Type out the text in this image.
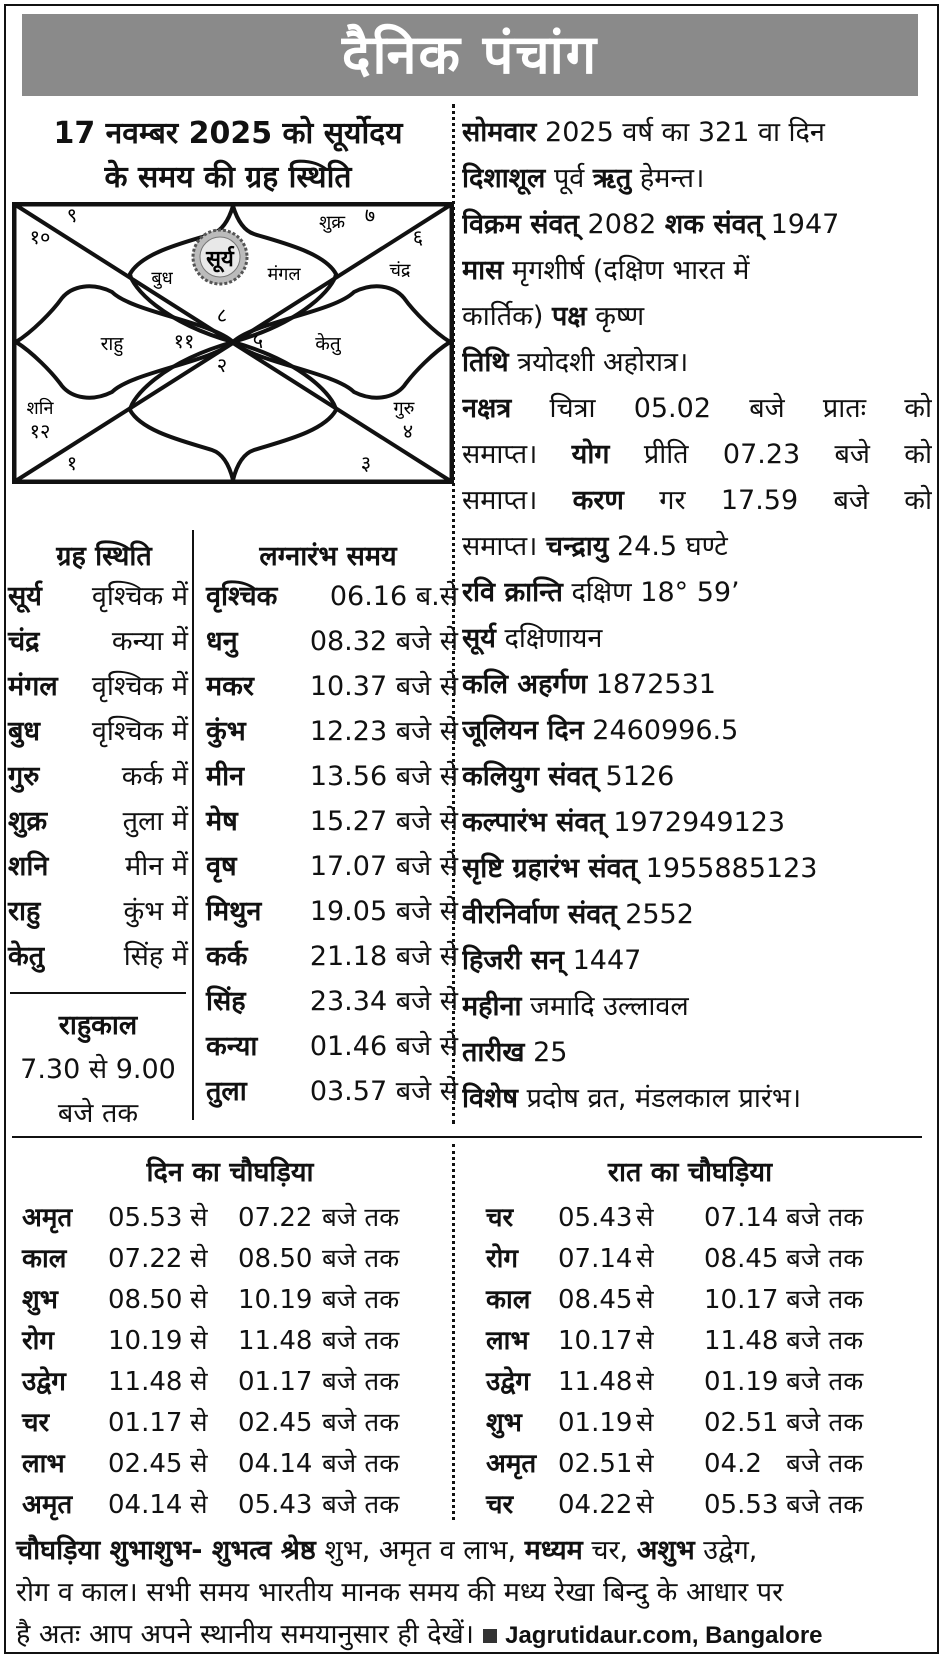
दैनिक पंचांग
17 नवम्बर 2025 को सूर्योदय
के समय की ग्रह स्थिति
सूर्य
बुध	मंगल
शुक्र
चंद्र
राहु	केतु
शनि	गुरु
८
९
१०
११
१२
१
२
३
४
५
६
७
सोमवार 2025 वर्ष का 321 वा दिन
दिशाशूल पूर्व ऋतु हेमन्त।
विक्रम संवत् 2082 शक संवत् 1947
मास मृगशीर्ष (दक्षिण भारत में
कार्तिक) पक्ष कृष्ण
तिथि त्रयोदशी अहोरात्र।
नक्षत्र चित्रा 05.02 बजे प्रातः को
समाप्त। योग प्रीति 07.23 बजे को
समाप्त। करण गर 17.59 बजे को
समाप्त। चन्द्रायु 24.5 घण्टे
रवि क्रान्ति दक्षिण 18° 59’
सूर्य दक्षिणायन
कलि अहर्गण 1872531
जूलियन दिन 2460996.5
कलियुग संवत् 5126
कल्पारंभ संवत् 1972949123
सृष्टि ग्रहारंभ संवत् 1955885123
वीरनिर्वाण संवत् 2552
हिजरी सन् 1447
महीना जमादि उल्लावल
तारीख 25
विशेष प्रदोष व्रत, मंडलकाल प्रारंभ।
ग्रह स्थिति
सूर्य वृश्चिक में
चंद्र	कन्या में
मंगल वृश्चिक में
बुध वृश्चिक में
गुरु	कर्क में
शुक्र	तुला में
शनि	मीन में
राहु	कुंभ में
केतु	सिंह में
राहुकाल
7.30 से 9.00
बजे तक
लग्नारंभ समय
वृश्चिक 06.16 ब.से
धनु	08.32 बजे से
मकर 10.37 बजे से
कुंभ 12.23 बजे से
मीन 13.56 बजे से
मेष	15.27 बजे से
वृष	17.07 बजे से
मिथुन 19.05 बजे से
कर्क 21.18 बजे से
सिंह 23.34 बजे से
कन्या 01.46 बजे से
तुला 03.57 बजे से
दिन का चौघड़िया	रात का चौघड़िया
अमृत 05.53 से 07.22 बजे तक
काल 07.22 से 08.50 बजे तक
शुभ 08.50 से 10.19 बजे तक
रोग 10.19 से 11.48 बजे तक
उद्वेग 11.48 से 01.17 बजे तक
चर 01.17 से 02.45 बजे तक
लाभ 02.45 से 04.14 बजे तक
अमृत 04.14 से 05.43 बजे तक
चर 05.43 से 07.14 बजे तक
रोग 07.14 से 08.45 बजे तक
काल 08.45 से 10.17 बजे तक
लाभ 10.17 से 11.48 बजे तक
उद्वेग 11.48 से 01.19 बजे तक
शुभ 01.19 से 02.51 बजे तक
अमृत 02.51 से 04.2 बजे तक
चर 04.22 से 05.53 बजे तक
चौघड़िया शुभाशुभ- शुभत्व श्रेष्ठ शुभ, अमृत व लाभ, मध्यम चर, अशुभ उद्वेग,
रोग व काल। सभी समय भारतीय मानक समय की मध्य रेखा बिन्दु के आधार पर
है अतः आप अपने स्थानीय समयानुसार ही देखें। Jagrutidaur.com, Bangalore
